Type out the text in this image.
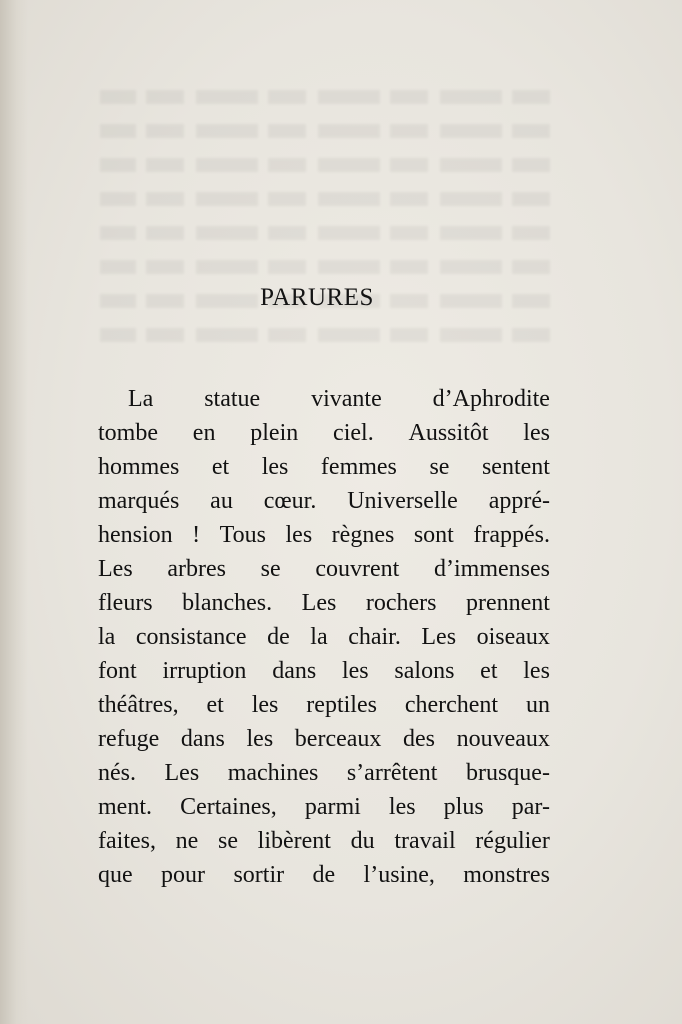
PARURES
La statue vivante d’Aphrodite
tombe en plein ciel. Aussitôt les
hommes et les femmes se sentent
marqués au cœur. Universelle appré-
hension ! Tous les règnes sont frappés.
Les arbres se couvrent d’immenses
fleurs blanches. Les rochers prennent
la consistance de la chair. Les oiseaux
font irruption dans les salons et les
théâtres, et les reptiles cherchent un
refuge dans les berceaux des nouveaux
nés. Les machines s’arrêtent brusque-
ment. Certaines, parmi les plus par-
faites, ne se libèrent du travail régulier
que pour sortir de l’usine, monstres
